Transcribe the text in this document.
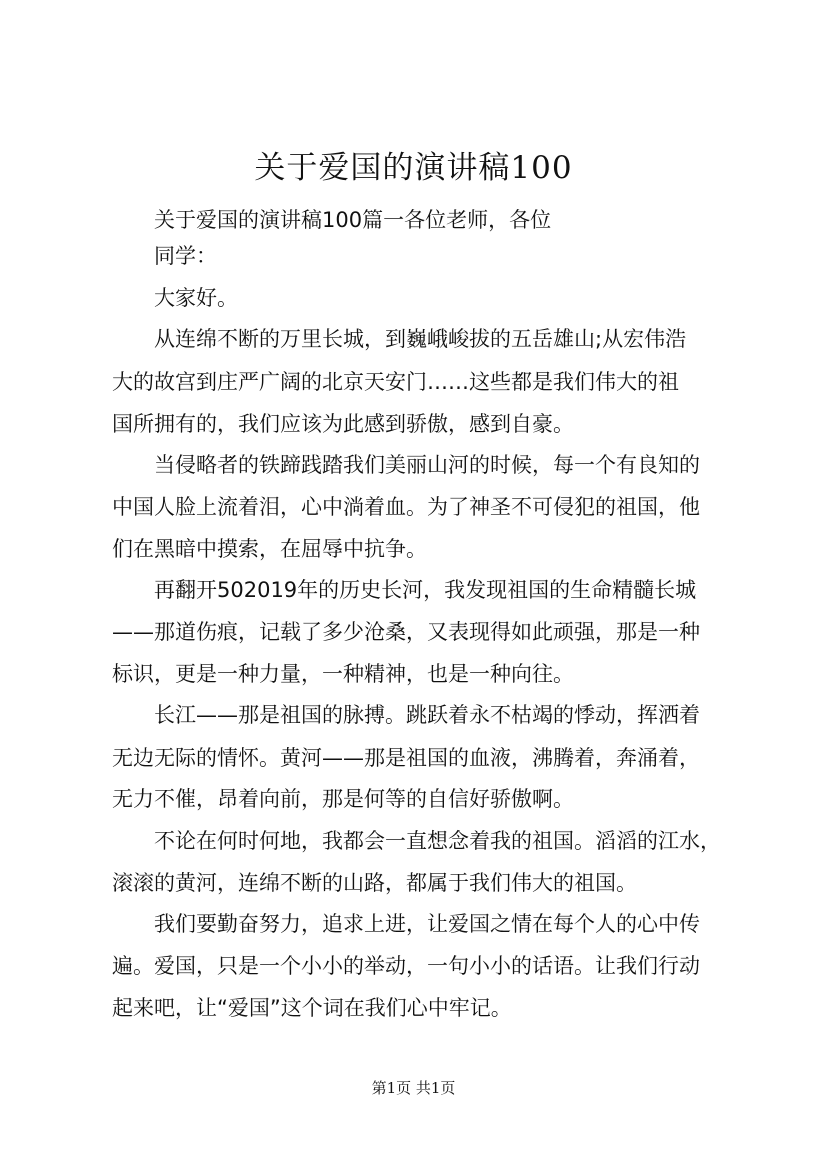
关于爱国的演讲稿100
关于爱国的演讲稿100篇一各位老师，各位
同学：
大家好。
从连绵不断的万里长城，到巍峨峻拔的五岳雄山;从宏伟浩
大的故宫到庄严广阔的北京天安门……这些都是我们伟大的祖
国所拥有的，我们应该为此感到骄傲，感到自豪。
当侵略者的铁蹄践踏我们美丽山河的时候，每一个有良知的
中国人脸上流着泪，心中淌着血。为了神圣不可侵犯的祖国，他
们在黑暗中摸索，在屈辱中抗争。
再翻开502019年的历史长河，我发现祖国的生命精髓长城
——那道伤痕，记载了多少沧桑，又表现得如此顽强，那是一种
标识，更是一种力量，一种精神，也是一种向往。
长江——那是祖国的脉搏。跳跃着永不枯竭的悸动，挥洒着
无边无际的情怀。黄河——那是祖国的血液，沸腾着，奔涌着，
无力不催，昂着向前，那是何等的自信好骄傲啊。
不论在何时何地，我都会一直想念着我的祖国。滔滔的江水，
滚滚的黄河，连绵不断的山路，都属于我们伟大的祖国。
我们要勤奋努力，追求上进，让爱国之情在每个人的心中传
遍。爱国，只是一个小小的举动，一句小小的话语。让我们行动
起来吧，让“爱国”这个词在我们心中牢记。
第1页 共1页
